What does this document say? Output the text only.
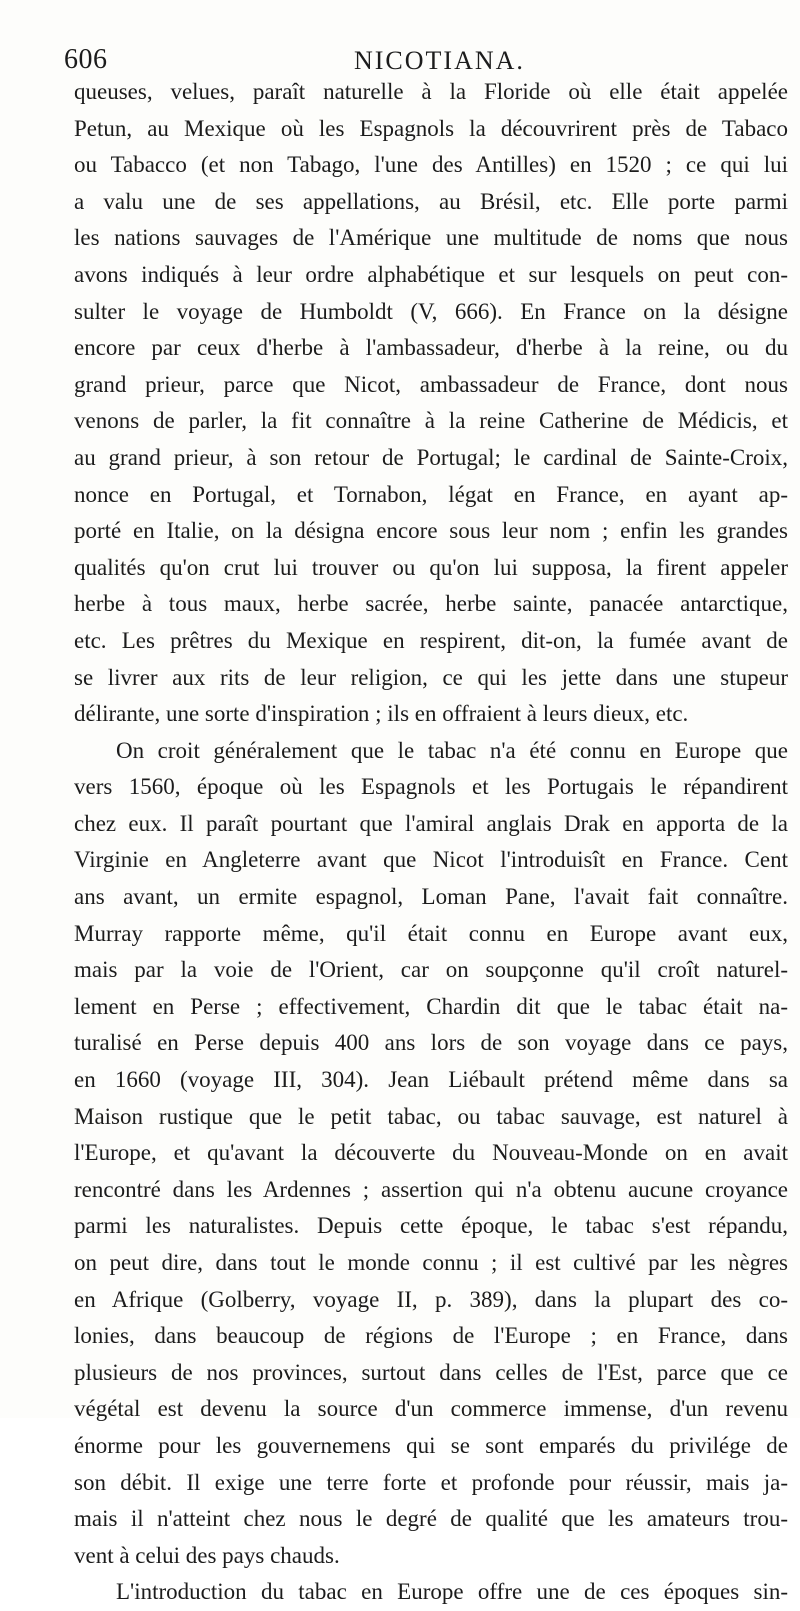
606	NICOTIANA.
queuses, velues, paraît naturelle à la Floride où elle était appelée
Petun, au Mexique où les Espagnols la découvrirent près de Tabaco
ou Tabacco (et non Tabago, l'une des Antilles) en 1520 ; ce qui lui
a valu une de ses appellations, au Brésil, etc. Elle porte parmi
les nations sauvages de l'Amérique une multitude de noms que nous
avons indiqués à leur ordre alphabétique et sur lesquels on peut con-
sulter le voyage de Humboldt (V, 666). En France on la désigne
encore par ceux d'herbe à l'ambassadeur, d'herbe à la reine, ou du
grand prieur, parce que Nicot, ambassadeur de France, dont nous
venons de parler, la fit connaître à la reine Catherine de Médicis, et
au grand prieur, à son retour de Portugal; le cardinal de Sainte-Croix,
nonce en Portugal, et Tornabon, légat en France, en ayant ap-
porté en Italie, on la désigna encore sous leur nom ; enfin les grandes
qualités qu'on crut lui trouver ou qu'on lui supposa, la firent appeler
herbe à tous maux, herbe sacrée, herbe sainte, panacée antarctique,
etc. Les prêtres du Mexique en respirent, dit-on, la fumée avant de
se livrer aux rits de leur religion, ce qui les jette dans une stupeur
délirante, une sorte d'inspiration ; ils en offraient à leurs dieux, etc.
On croit généralement que le tabac n'a été connu en Europe que
vers 1560, époque où les Espagnols et les Portugais le répandirent
chez eux. Il paraît pourtant que l'amiral anglais Drak en apporta de la
Virginie en Angleterre avant que Nicot l'introduisît en France. Cent
ans avant, un ermite espagnol, Loman Pane, l'avait fait connaître.
Murray rapporte même, qu'il était connu en Europe avant eux,
mais par la voie de l'Orient, car on soupçonne qu'il croît naturel-
lement en Perse ; effectivement, Chardin dit que le tabac était na-
turalisé en Perse depuis 400 ans lors de son voyage dans ce pays,
en 1660 (voyage III, 304). Jean Liébault prétend même dans sa
Maison rustique que le petit tabac, ou tabac sauvage, est naturel à
l'Europe, et qu'avant la découverte du Nouveau-Monde on en avait
rencontré dans les Ardennes ; assertion qui n'a obtenu aucune croyance
parmi les naturalistes. Depuis cette époque, le tabac s'est répandu,
on peut dire, dans tout le monde connu ; il est cultivé par les nègres
en Afrique (Golberry, voyage II, p. 389), dans la plupart des co-
lonies, dans beaucoup de régions de l'Europe ; en France, dans
plusieurs de nos provinces, surtout dans celles de l'Est, parce que ce
végétal est devenu la source d'un commerce immense, d'un revenu
énorme pour les gouvernemens qui se sont emparés du privilége de
son débit. Il exige une terre forte et profonde pour réussir, mais ja-
mais il n'atteint chez nous le degré de qualité que les amateurs trou-
vent à celui des pays chauds.
L'introduction du tabac en Europe offre une de ces époques sin-
